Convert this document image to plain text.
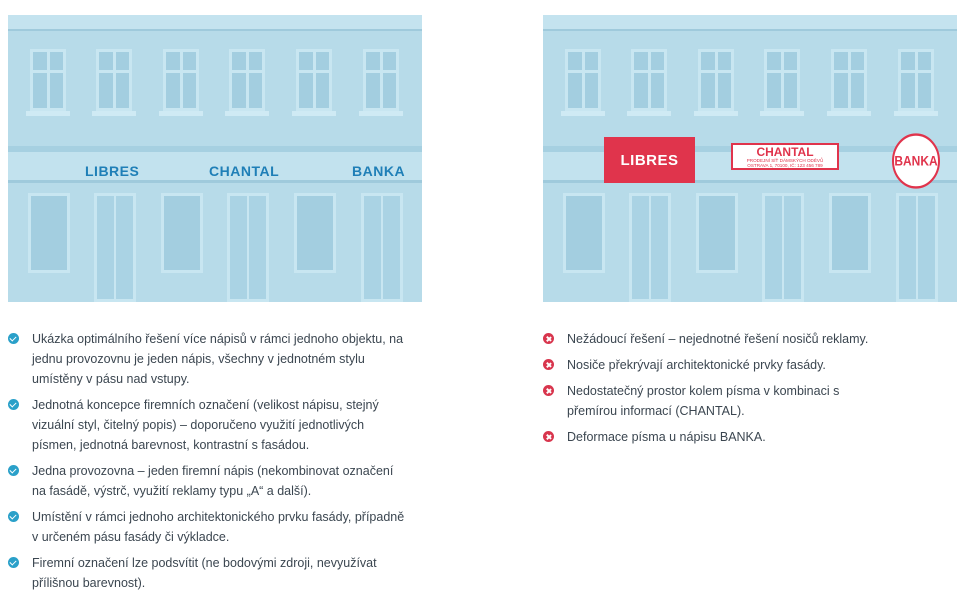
LIBRES	CHANTAL	BANKA
LIBRES	CHANTAL
PRODEJNÍ SÍŤ DÁMSKÝCH ODĚVŮ
OSTRAVA 1, 70100, IČ: 123 456 789	BANKA
Ukázka optimálního řešení více nápisů v rámci jednoho objektu, na jednu provozovnu je jeden nápis, všechny v jednotném stylu umístěny v pásu nad vstupy.
Jednotná koncepce firemních označení (velikost nápisu, stejný vizuální styl, čitelný popis) – doporučeno využití jednotlivých písmen, jednotná barevnost, kontrastní s fasádou.
Jedna provozovna – jeden firemní nápis (nekombinovat označení na fasádě, výstrč, využití reklamy typu „A“ a další).
Umístění v rámci jednoho architektonického prvku fasády, případně v určeném pásu fasády či výkladce.
Firemní označení lze podsvítit (ne bodovými zdroji, nevyužívat přílišnou barevnost).
Nežádoucí řešení – nejednotné řešení nosičů reklamy.
Nosiče překrývají architektonické prvky fasády.
Nedostatečný prostor kolem písma v kombinaci s přemírou informací (CHANTAL).
Deformace písma u nápisu BANKA.
